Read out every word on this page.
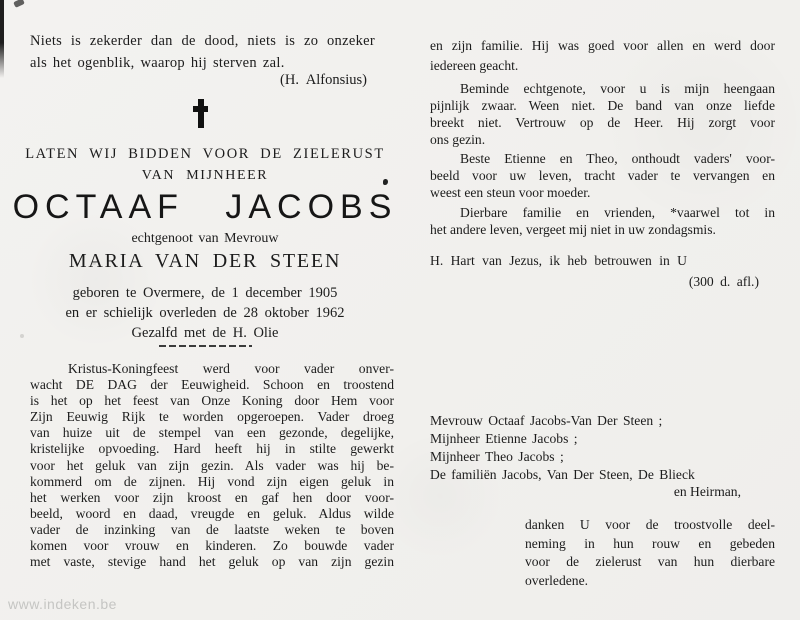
Niets is zekerder dan de dood, niets is zo onzeker
als het ogenblik, waarop hij sterven zal.
(H. Alfonsius)
LATEN WIJ BIDDEN VOOR DE ZIELERUST
VAN MIJNHEER
OCTAAF JACOBS
echtgenoot van Mevrouw
MARIA VAN DER STEEN
geboren te Overmere, de 1 december 1905
en er schielijk overleden de 28 oktober 1962
Gezalfd met de H. Olie
Kristus-Koningfeest werd voor vader onver-
wacht DE DAG der Eeuwigheid. Schoon en troostend
is het op het feest van Onze Koning door Hem voor
Zijn Eeuwig Rijk te worden opgeroepen. Vader droeg
van huize uit de stempel van een gezonde, degelijke,
kristelijke opvoeding. Hard heeft hij in stilte gewerkt
voor het geluk van zijn gezin. Als vader was hij be-
kommerd om de zijnen. Hij vond zijn eigen geluk in
het werken voor zijn kroost en gaf hen door voor-
beeld, woord en daad, vreugde en geluk. Aldus wilde
vader de inzinking van de laatste weken te boven
komen voor vrouw en kinderen. Zo bouwde vader
met vaste, stevige hand het geluk op van zijn gezin
www.indeken.be
en zijn familie. Hij was goed voor allen en werd door
iedereen geacht.
Beminde echtgenote, voor u is mijn heengaan
pijnlijk zwaar. Ween niet. De band van onze liefde
breekt niet. Vertrouw op de Heer. Hij zorgt voor
ons gezin.
Beste Etienne en Theo, onthoudt vaders' voor-
beeld voor uw leven, tracht vader te vervangen en
weest een steun voor moeder.
Dierbare familie en vrienden, *vaarwel tot in
het andere leven, vergeet mij niet in uw zondagsmis.
H. Hart van Jezus, ik heb betrouwen in U
(300 d. afl.)
Mevrouw Octaaf Jacobs-Van Der Steen ;
Mijnheer Etienne Jacobs ;
Mijnheer Theo Jacobs ;
De familiën Jacobs, Van Der Steen, De Blieck
en Heirman,
danken U voor de troostvolle deel-
neming in hun rouw en gebeden
voor de zielerust van hun dierbare
overledene.
